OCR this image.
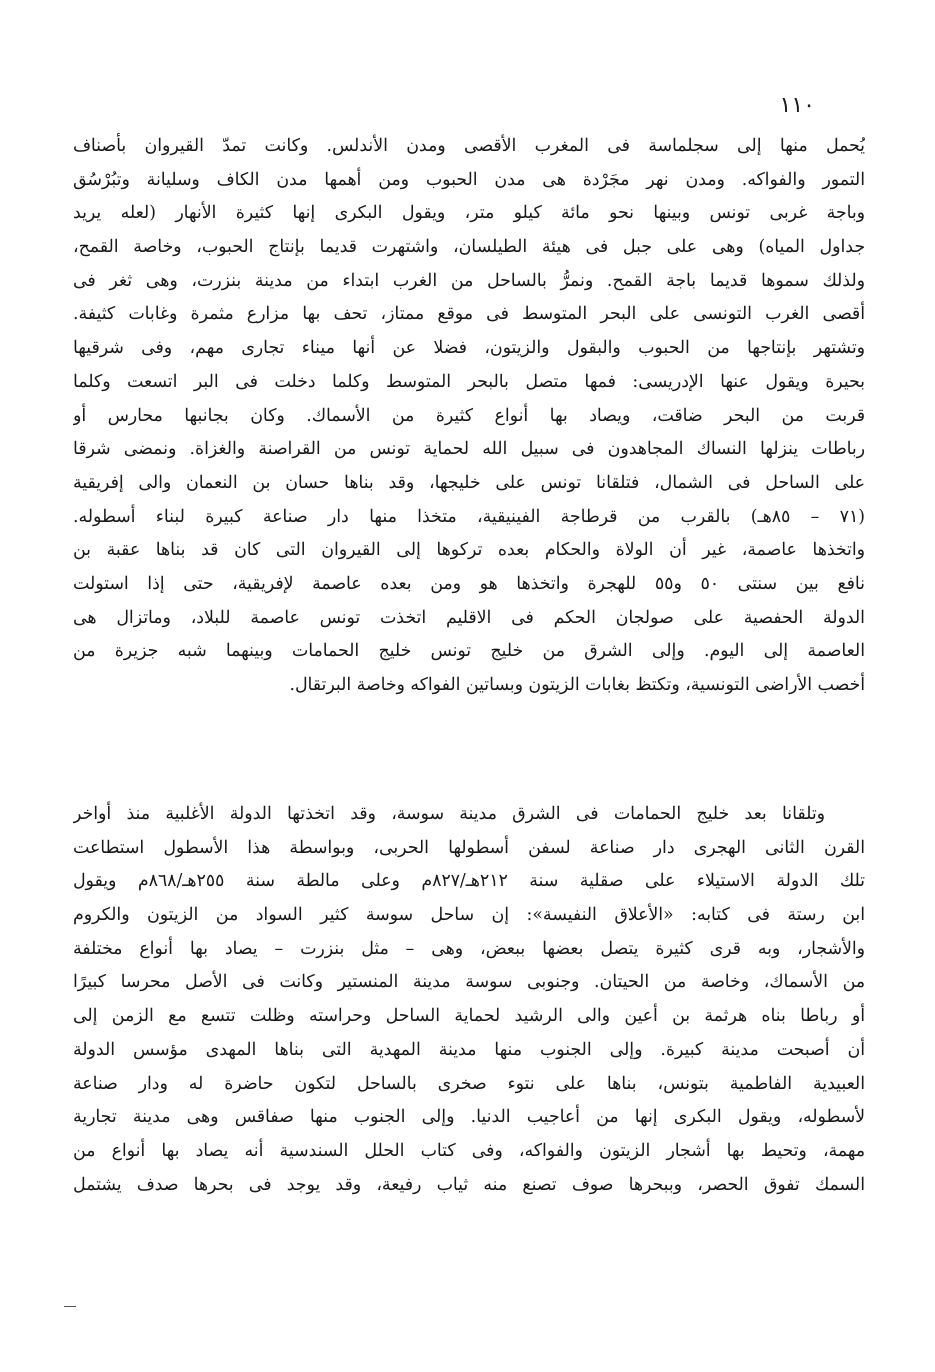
١١٠
يُحمل منها إلى سجلماسة فى المغرب الأقصى ومدن الأندلس. وكانت تمدّ القيروان بأصناف
التمور والفواكه. ومدن نهر مجَرْدة هى مدن الحبوب ومن أهمها مدن الكاف وسليانة وتبُرْسُق
وباجة غربى تونس وبينها نحو مائة كيلو متر، ويقول البكرى إنها كثيرة الأنهار (لعله يريد
جداول المياه) وهى على جبل فى هيئة الطيلسان، واشتهرت قديما بإنتاج الحبوب، وخاصة القمح،
ولذلك سموها قديما باجة القمح. ونمرُّ بالساحل من الغرب ابتداء من مدينة بنزرت، وهى ثغر فى
أقصى الغرب التونسى على البحر المتوسط فى موقع ممتاز، تحف بها مزارع مثمرة وغابات كثيفة.
وتشتهر بإنتاجها من الحبوب والبقول والزيتون، فضلا عن أنها ميناء تجارى مهم، وفى شرقيها
بحيرة ويقول عنها الإدريسى: فمها متصل بالبحر المتوسط وكلما دخلت فى البر اتسعت وكلما
قربت من البحر ضاقت، ويصاد بها أنواع كثيرة من الأسماك. وكان بجانبها محارس أو
رباطات ينزلها النساك المجاهدون فى سبيل الله لحماية تونس من القراصنة والغزاة. ونمضى شرقا
على الساحل فى الشمال، فتلقانا تونس على خليجها، وقد بناها حسان بن النعمان والى إفريقية
(٧١ – ٨٥هـ) بالقرب من قرطاجة الفينيقية، متخذا منها دار صناعة كبيرة لبناء أسطوله.
واتخذها عاصمة، غير أن الولاة والحكام بعده تركوها إلى القيروان التى كان قد بناها عقبة بن
نافع بين سنتى ٥٠ و٥٥ للهجرة واتخذها هو ومن بعده عاصمة لإفريقية، حتى إذا استولت
الدولة الحفصية على صولجان الحكم فى الاقليم اتخذت تونس عاصمة للبلاد، وماتزال هى
العاصمة إلى اليوم. وإلى الشرق من خليج تونس خليج الحمامات وبينهما شبه جزيرة من
أخصب الأراضى التونسية، وتكتظ بغابات الزيتون وبساتين الفواكه وخاصة البرتقال.
وتلقانا بعد خليج الحمامات فى الشرق مدينة سوسة، وقد اتخذتها الدولة الأغلبية منذ أواخر
القرن الثانى الهجرى دار صناعة لسفن أسطولها الحربى، وبواسطة هذا الأسطول استطاعت
تلك الدولة الاستيلاء على صقلية سنة ٢١٢هـ/٨٢٧م وعلى مالطة سنة ٢٥٥هـ/٨٦٨م ويقول
ابن رستة فى كتابه: «الأعلاق النفيسة»: إن ساحل سوسة كثير السواد من الزيتون والكروم
والأشجار، وبه قرى كثيرة يتصل بعضها ببعض، وهى – مثل بنزرت – يصاد بها أنواع مختلفة
من الأسماك، وخاصة من الحيتان. وجنوبى سوسة مدينة المنستير وكانت فى الأصل محرسا كبيرًا
أو رباطا بناه هرثمة بن أعين والى الرشيد لحماية الساحل وحراسته وظلت تتسع مع الزمن إلى
أن أصبحت مدينة كبيرة. وإلى الجنوب منها مدينة المهدية التى بناها المهدى مؤسس الدولة
العبيدية الفاطمية بتونس، بناها على نتوء صخرى بالساحل لتكون حاضرة له ودار صناعة
لأسطوله، ويقول البكرى إنها من أعاجيب الدنيا. وإلى الجنوب منها صفاقس وهى مدينة تجارية
مهمة، وتحيط بها أشجار الزيتون والفواكه، وفى كتاب الحلل السندسية أنه يصاد بها أنواع من
السمك تفوق الحصر، وببحرها صوف تصنع منه ثياب رفيعة، وقد يوجد فى بحرها صدف يشتمل
